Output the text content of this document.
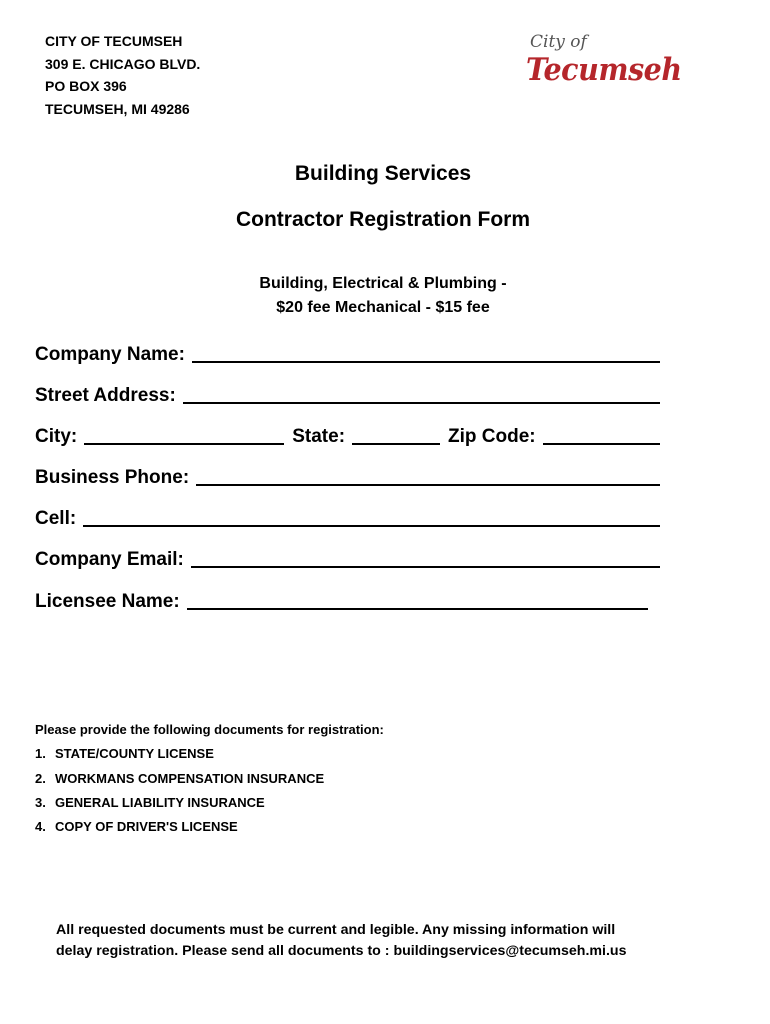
CITY OF TECUMSEH
309 E. CHICAGO BLVD.
PO BOX 396
TECUMSEH, MI 49286
City of
Tecumseh
Building Services
Contractor Registration Form
Building, Electrical & Plumbing -
$20 fee Mechanical - $15 fee
Company Name:
Street Address:
City:	State:	Zip Code:
Business Phone:
Cell:
Company Email:
Licensee Name:
Please provide the following documents for registration:
1. STATE/COUNTY LICENSE
2. WORKMANS COMPENSATION INSURANCE
3. GENERAL LIABILITY INSURANCE
4. COPY OF DRIVER'S LICENSE
All requested documents must be current and legible. Any missing information will
delay registration. Please send all documents to : buildingservices@tecumseh.mi.us
